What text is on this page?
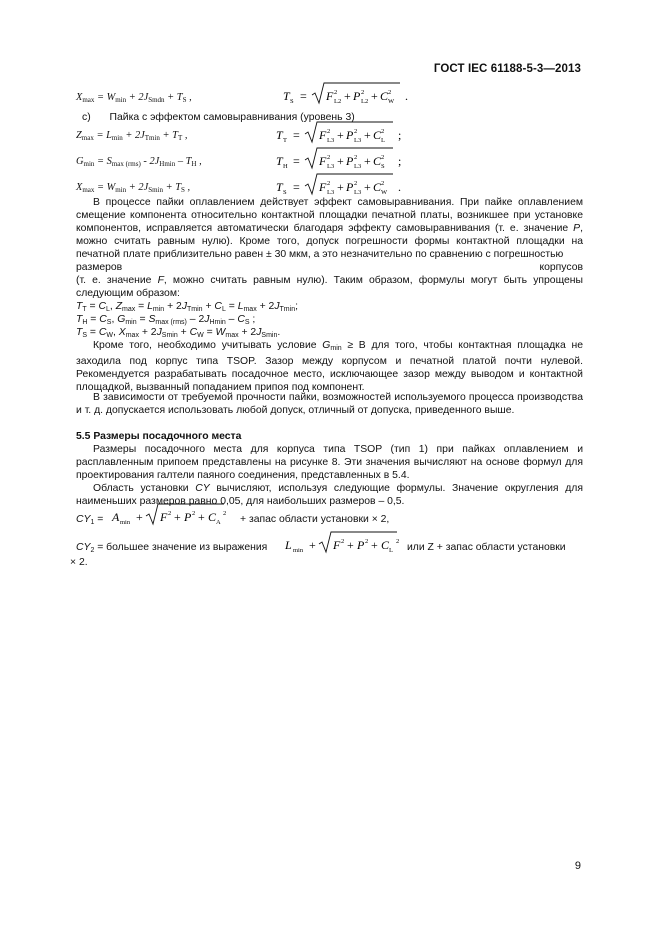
ГОСТ IEC 61188-5-3—2013
$X_{max} = W_{min} + 2J_{Smdn} + T_S$ ,	T S = F 2
L2 + P 2
L2 + C 2
W .
c) Пайка с эффектом самовыравнивания (уровень 3)
$Z_{max} = L_{min} + 2J_{Tmin} + T_T$ ,	T T = F 2
L3 + P 2
L3 + C 2
L ;
$G_{min} = S_{max (rms)} - 2J_{Hmin} - T_H$ ,	T H = F 2
L3 + P 2
L3 + C 2
S ;
$X_{max} = W_{min} + 2J_{Smin} + T_S$ ,	T S = F 2
L3 + P 2
L3 + C 2
W .
В процессе пайки оплавлением действует эффект самовыравнивания. При пайке оплавлением смещение компонента относительно контактной площадки печатной платы, возникшее при установке компонентов, исправляется автоматически благодаря эффекту самовыравнивания (т. е. значение P, можно считать равным нулю). Кроме того, допуск погрешности формы контактной площадки на печатной плате приблизительно равен ± 30 мкм, а это незначительно по сравнению с погрешностью
размеров	корпусов
(т. е. значение F, можно считать равным нулю). Таким образом, формулы могут быть упрощены следующим образом:
$T_T = C_L$, $Z_{max} = L_{min} + 2J_{Tmin} + C_L = L_{max} + 2J_{Tmin}$;
$T_H = C_S$, $G_{min} = S_{max (rms)} - 2J_{Hmin} - C_S$ ;
$T_S = C_W$, $X_{max} + 2J_{Smin} + C_W = W_{max} + 2J_{Smin}$.
Кроме того, необходимо учитывать условие $G_{min} \ge B$ для того, чтобы контактная площадка не заходила под корпус типа TSOP. Зазор между корпусом и печатной платой почти нулевой. Рекомендуется разрабатывать посадочное место, исключающее зазор между выводом и контактной площадкой, вызванный попаданием припоя под компонент.
В зависимости от требуемой прочности пайки, возможностей используемого процесса производства и т. д. допускается использовать любой допуск, отличный от допуска, приведенного выше.
5.5 Размеры посадочного места
Размеры посадочного места для корпуса типа TSOP (тип 1) при пайках оплавлением и расплавленным припоем представлены на рисунке 8. Эти значения вычисляют на основе формул для проектирования галтели паяного соединения, представленных в 5.4.
Область установки CY вычисляют, используя следующие формулы. Значение округления для наименьших размеров равно 0,05, для наибольших размеров – 0,5.
$CY_1 = A$ min + F 2 + P 2 + C A
2
+ запас области установки × 2,
$CY_2$ = большее значение из выражения L min + F 2 + P 2 + C L
2
или Z + запас области установки
× 2.
9
